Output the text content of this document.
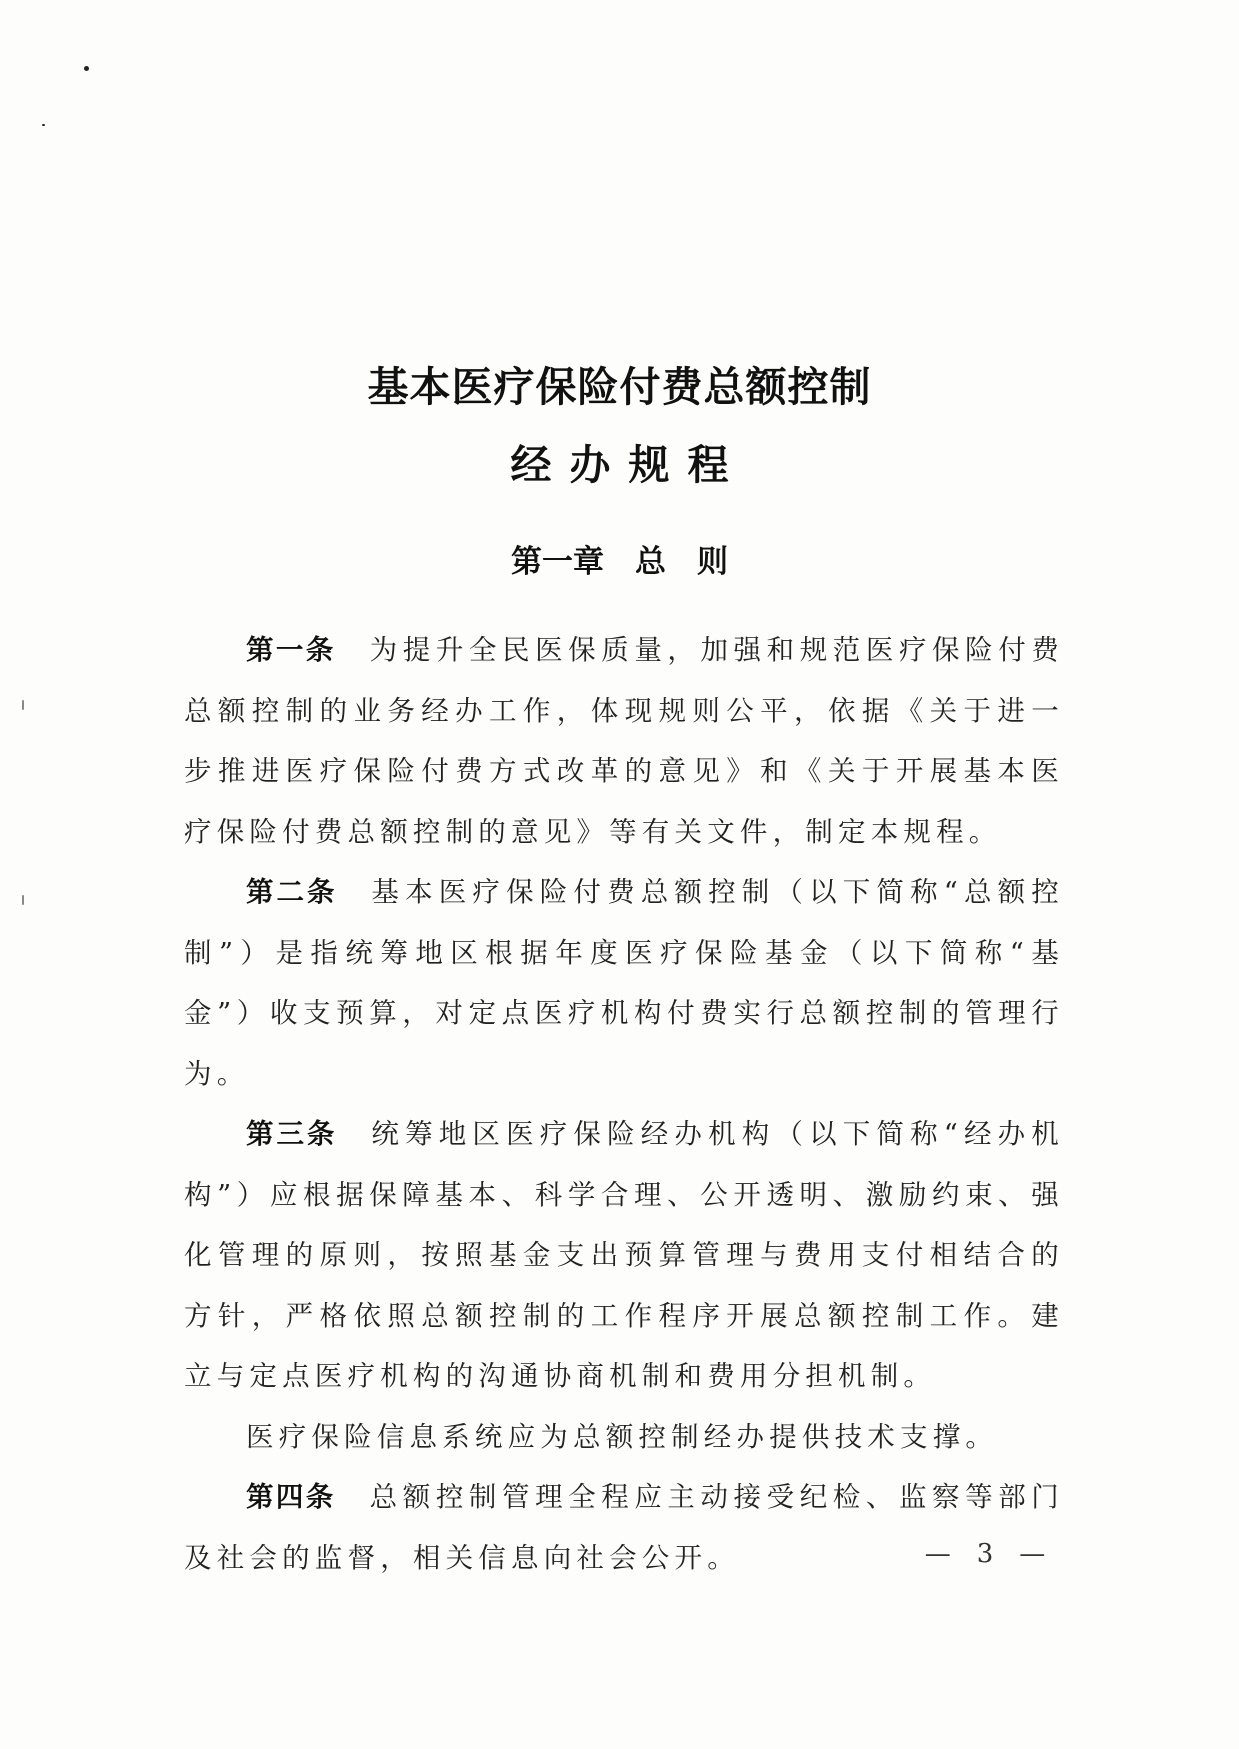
基本医疗保险付费总额控制
经办规程
第一章　总　则

第一条 为提升全民医保质量，加强和规范医疗保险付费总额控制的业务经办工作，体现规则公平，依据《关于进一步推进医疗保险付费方式改革的意见》和《关于开展基本医疗保险付费总额控制的意见》等有关文件，制定本规程。

第二条 基本医疗保险付费总额控制（以下简称“总额控制”）是指统筹地区根据年度医疗保险基金（以下简称“基金”）收支预算，对定点医疗机构付费实行总额控制的管理行为。

第三条 统筹地区医疗保险经办机构（以下简称“经办机构”）应根据保障基本、科学合理、公开透明、激励约束、强化管理的原则，按照基金支出预算管理与费用支付相结合的方针，严格依照总额控制的工作程序开展总额控制工作。建立与定点医疗机构的沟通协商机制和费用分担机制。

医疗保险信息系统应为总额控制经办提供技术支撑。

第四条 总额控制管理全程应主动接受纪检、监察等部门及社会的监督，相关信息向社会公开。	—　3　—
